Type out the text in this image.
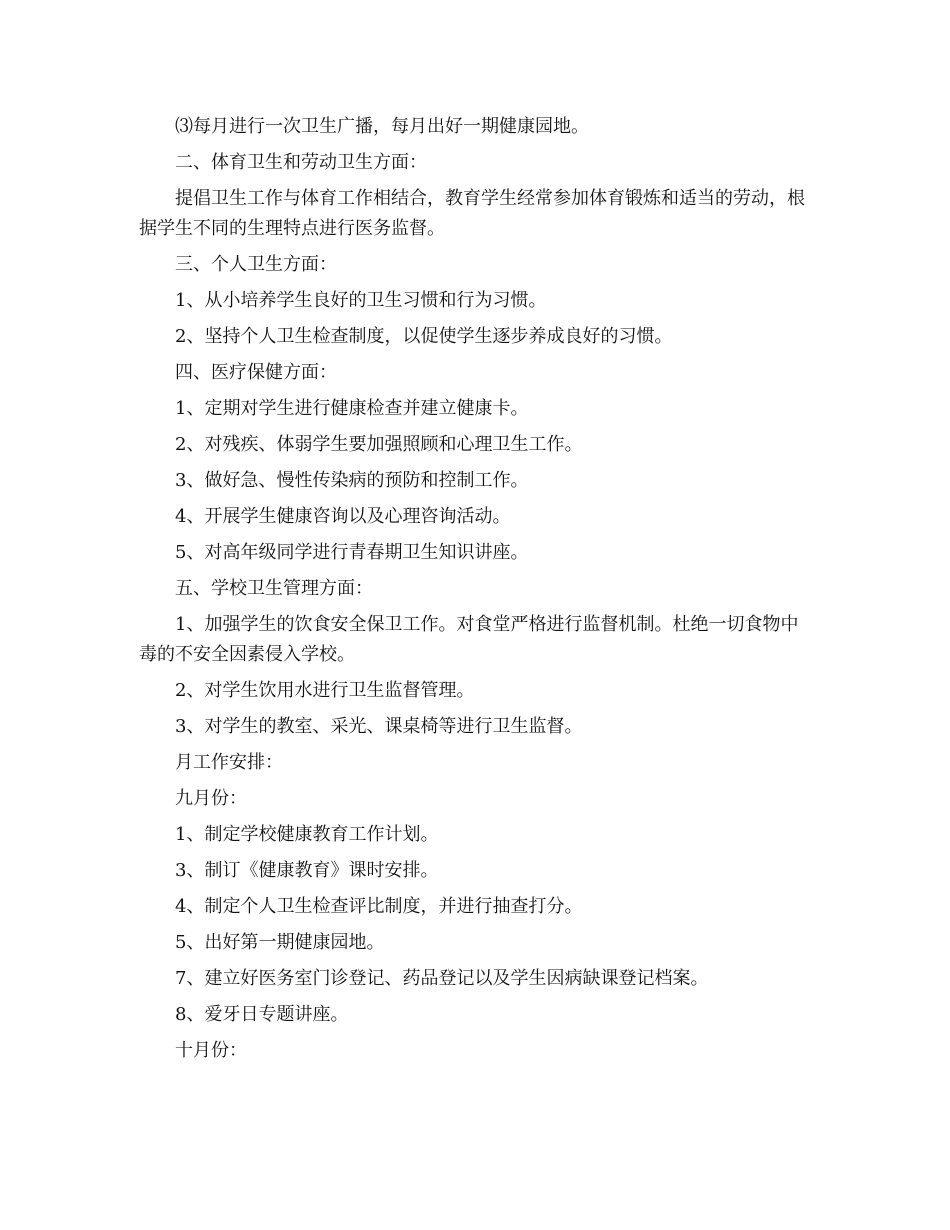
⑶每月进行一次卫生广播，每月出好一期健康园地。

二、体育卫生和劳动卫生方面：

提倡卫生工作与体育工作相结合，教育学生经常参加体育锻炼和适当的劳动，根据学生不同的生理特点进行医务监督。

三、个人卫生方面：

1、从小培养学生良好的卫生习惯和行为习惯。

2、坚持个人卫生检查制度，以促使学生逐步养成良好的习惯。

四、医疗保健方面：

1、定期对学生进行健康检查并建立健康卡。

2、对残疾、体弱学生要加强照顾和心理卫生工作。

3、做好急、慢性传染病的预防和控制工作。

4、开展学生健康咨询以及心理咨询活动。

5、对高年级同学进行青春期卫生知识讲座。

五、学校卫生管理方面：

1、加强学生的饮食安全保卫工作。对食堂严格进行监督机制。杜绝一切食物中毒的不安全因素侵入学校。

2、对学生饮用水进行卫生监督管理。

3、对学生的教室、采光、课桌椅等进行卫生监督。

月工作安排：

九月份：

1、制定学校健康教育工作计划。

3、制订《健康教育》课时安排。

4、制定个人卫生检查评比制度，并进行抽查打分。

5、出好第一期健康园地。

7、建立好医务室门诊登记、药品登记以及学生因病缺课登记档案。

8、爱牙日专题讲座。

十月份：
